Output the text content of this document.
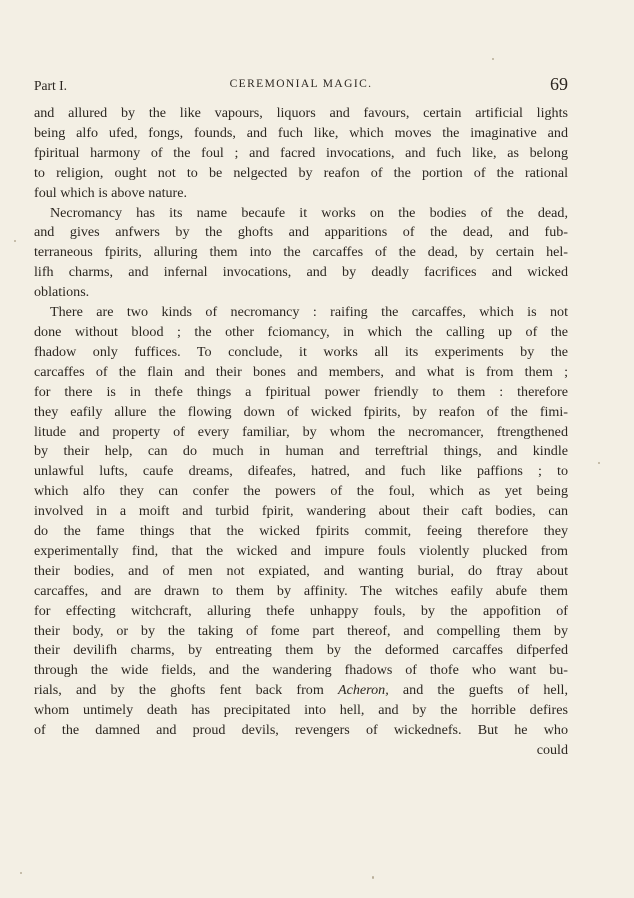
Part I.	CEREMONIAL MAGIC.	69

and allured by the like vapours, liquors and favours, certain artificial lights
being alfo ufed, fongs, founds, and fuch like, which moves the imaginative and
fpiritual harmony of the foul ; and facred invocations, and fuch like, as belong
to religion, ought not to be nelgected by reafon of the portion of the rational
foul which is above nature.

Necromancy has its name becaufe it works on the bodies of the dead,
and gives anfwers by the ghofts and apparitions of the dead, and fub-
terraneous fpirits, alluring them into the carcaffes of the dead, by certain hel-
lifh charms, and infernal invocations, and by deadly facrifices and wicked
oblations.

There are two kinds of necromancy : raifing the carcaffes, which is not
done without blood ; the other fciomancy, in which the calling up of the
fhadow only fuffices. To conclude, it works all its experiments by the
carcaffes of the flain and their bones and members, and what is from them ;
for there is in thefe things a fpiritual power friendly to them : therefore
they eafily allure the flowing down of wicked fpirits, by reafon of the fimi-
litude and property of every familiar, by whom the necromancer, ftrengthened
by their help, can do much in human and terreftrial things, and kindle
unlawful lufts, caufe dreams, difeafes, hatred, and fuch like paffions ; to
which alfo they can confer the powers of the foul, which as yet being
involved in a moift and turbid fpirit, wandering about their caft bodies, can
do the fame things that the wicked fpirits commit, feeing therefore they
experimentally find, that the wicked and impure fouls violently plucked from
their bodies, and of men not expiated, and wanting burial, do ftray about
carcaffes, and are drawn to them by affinity. The witches eafily abufe them
for effecting witchcraft, alluring thefe unhappy fouls, by the appofition of
their body, or by the taking of fome part thereof, and compelling them by
their devilifh charms, by entreating them by the deformed carcaffes difperfed
through the wide fields, and the wandering fhadows of thofe who want bu-
rials, and by the ghofts fent back from Acheron, and the guefts of hell,
whom untimely death has precipitated into hell, and by the horrible defires
of the damned and proud devils, revengers of wickednefs. But he who

could
